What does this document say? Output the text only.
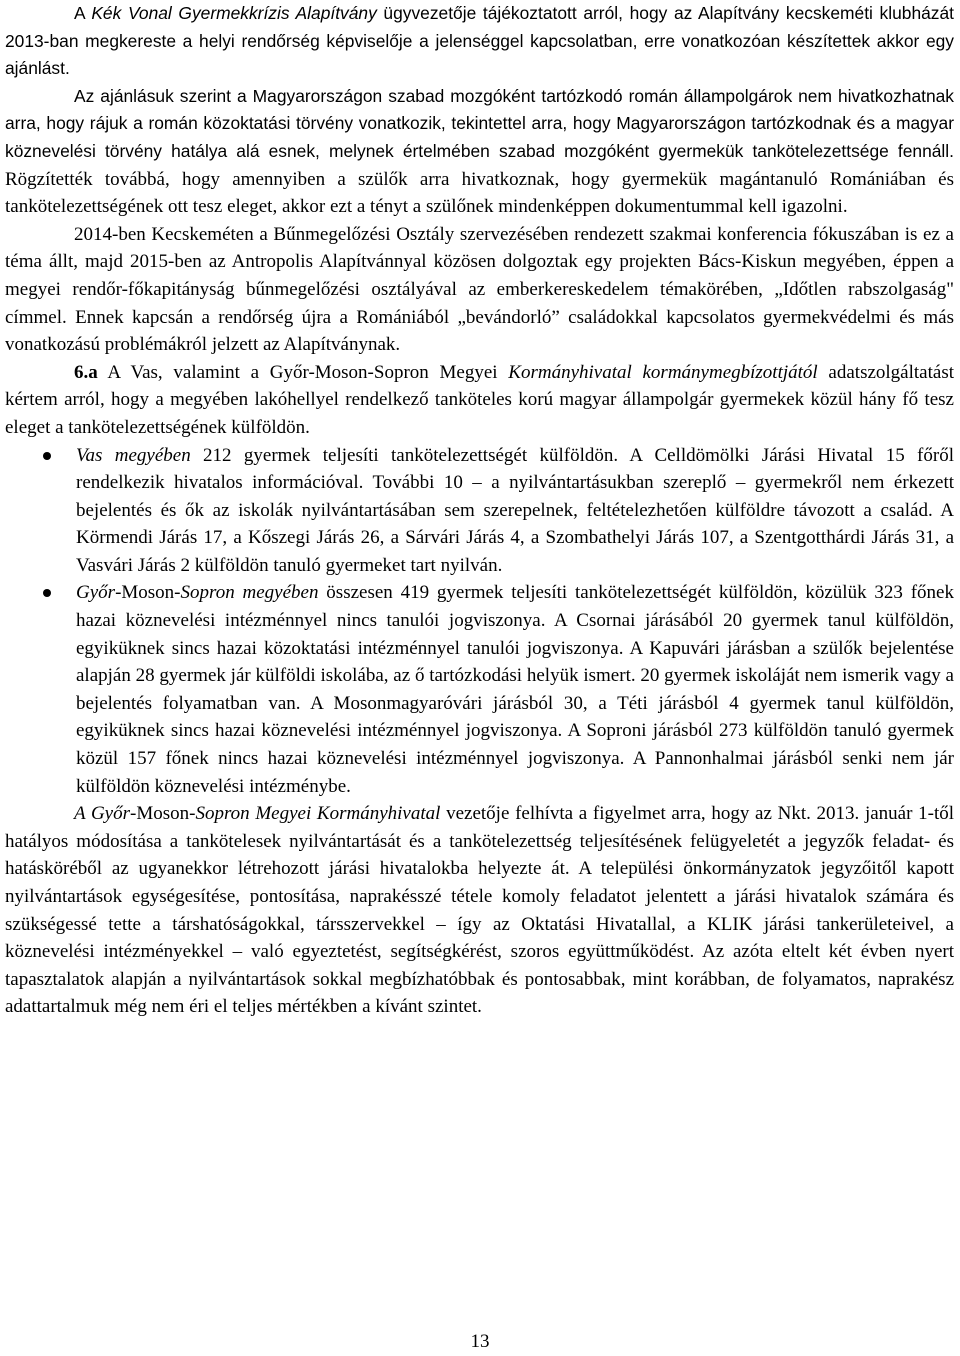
A Kék Vonal Gyermekkrízis Alapítvány ügyvezetője tájékoztatott arról, hogy az Alapítvány kecskeméti klubházát 2013-ban megkereste a helyi rendőrség képviselője a jelenséggel kapcsolatban, erre vonatkozóan készítettek akkor egy ajánlást.

Az ajánlásuk szerint a Magyarországon szabad mozgóként tartózkodó román állampolgárok nem hivatkozhatnak arra, hogy rájuk a román közoktatási törvény vonatkozik, tekintettel arra, hogy Magyarországon tartózkodnak és a magyar köznevelési törvény hatálya alá esnek, melynek értelmében szabad mozgóként gyermekük tankötelezettsége fennáll. Rögzítették továbbá, hogy amennyiben a szülők arra hivatkoznak, hogy gyermekük magántanuló Romániában és tankötelezettségének ott tesz eleget, akkor ezt a tényt a szülőnek mindenképpen dokumentummal kell igazolni.

2014-ben Kecskeméten a Bűnmegelőzési Osztály szervezésében rendezett szakmai konferencia fókuszában is ez a téma állt, majd 2015-ben az Antropolis Alapítvánnyal közösen dolgoztak egy projekten Bács-Kiskun megyében, éppen a megyei rendőr-főkapitányság bűnmegelőzési osztályával az emberkereskedelem témakörében, „Időtlen rabszolgaság" címmel. Ennek kapcsán a rendőrség újra a Romániából „bevándorló” családokkal kapcsolatos gyermekvédelmi és más vonatkozású problémákról jelzett az Alapítványnak.

6.a A Vas, valamint a Győr-Moson-Sopron Megyei Kormányhivatal kormánymegbízottjától adatszolgáltatást kértem arról, hogy a megyében lakóhellyel rendelkező tanköteles korú magyar állampolgár gyermekek közül hány fő tesz eleget a tankötelezettségének külföldön.

Vas megyében 212 gyermek teljesíti tankötelezettségét külföldön. A Celldömölki Járási Hivatal 15 főről rendelkezik hivatalos információval. További 10 – a nyilvántartásukban szereplő – gyermekről nem érkezett bejelentés és ők az iskolák nyilvántartásában sem szerepelnek, feltételezhetően külföldre távozott a család. A Körmendi Járás 17, a Kőszegi Járás 26, a Sárvári Járás 4, a Szombathelyi Járás 107, a Szentgotthárdi Járás 31, a Vasvári Járás 2 külföldön tanuló gyermeket tart nyilván.
Győr-Moson-Sopron megyében összesen 419 gyermek teljesíti tankötelezettségét külföldön, közülük 323 főnek hazai köznevelési intézménnyel nincs tanulói jogviszonya. A Csornai járásából 20 gyermek tanul külföldön, egyiküknek sincs hazai közoktatási intézménnyel tanulói jogviszonya. A Kapuvári járásban a szülők bejelentése alapján 28 gyermek jár külföldi iskolába, az ő tartózkodási helyük ismert. 20 gyermek iskoláját nem ismerik vagy a bejelentés folyamatban van. A Mosonmagyaróvári járásból 30, a Téti járásból 4 gyermek tanul külföldön, egyiküknek sincs hazai köznevelési intézménnyel jogviszonya. A Soproni járásból 273 külföldön tanuló gyermek közül 157 főnek nincs hazai köznevelési intézménnyel jogviszonya. A Pannonhalmai járásból senki nem jár külföldön köznevelési intézménybe.

A Győr-Moson-Sopron Megyei Kormányhivatal vezetője felhívta a figyelmet arra, hogy az Nkt. 2013. január 1-től hatályos módosítása a tankötelesek nyilvántartását és a tankötelezettség teljesítésének felügyeletét a jegyzők feladat- és hatásköréből az ugyanekkor létrehozott járási hivatalokba helyezte át. A települési önkormányzatok jegyzőitől kapott nyilvántartások egységesítése, pontosítása, naprakésszé tétele komoly feladatot jelentett a járási hivatalok számára és szükségessé tette a társhatóságokkal, társszervekkel – így az Oktatási Hivatallal, a KLIK járási tankerületeivel, a köznevelési intézményekkel – való egyeztetést, segítségkérést, szoros együttműködést. Az azóta eltelt két évben nyert tapasztalatok alapján a nyilvántartások sokkal megbízhatóbbak és pontosabbak, mint korábban, de folyamatos, naprakész adattartalmuk még nem éri el teljes mértékben a kívánt szintet.

13
